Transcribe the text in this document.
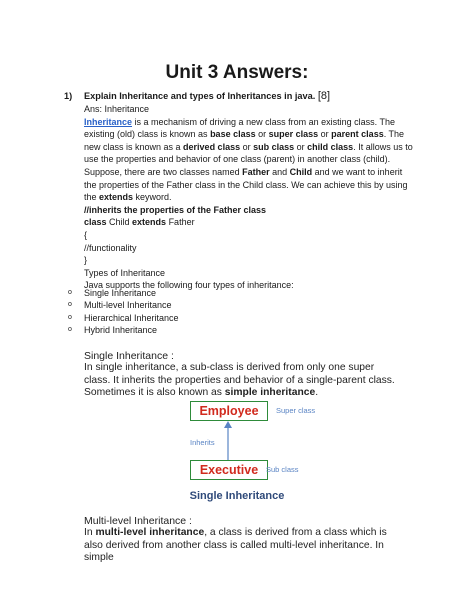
Unit 3 Answers:
1) Explain Inheritance and types of Inheritances in java. [8]

Ans: Inheritance

Inheritance is a mechanism of driving a new class from an existing class. The existing (old) class is known as base class or super class or parent class. The new class is known as a derived class or sub class or child class. It allows us to use the properties and behavior of one class (parent) in another class (child).

Suppose, there are two classes named Father and Child and we want to inherit the properties of the Father class in the Child class. We can achieve this by using the extends keyword.

//inherits the properties of the Father class

class Child extends Father

{

//functionality

}

Types of Inheritance

Java supports the following four types of inheritance:

o	Single Inheritance
o	Multi-level Inheritance
o	Hierarchical Inheritance
o	Hybrid Inheritance
Single Inheritance :
In single inheritance, a sub-class is derived from only one super class. It inherits the properties and behavior of a single-parent class. Sometimes it is also known as simple inheritance.
Employee	Super class
Inherits
Executive	Sub class
Single Inheritance
Multi-level Inheritance :
In multi-level inheritance, a class is derived from a class which is also derived from another class is called multi-level inheritance. In simple
